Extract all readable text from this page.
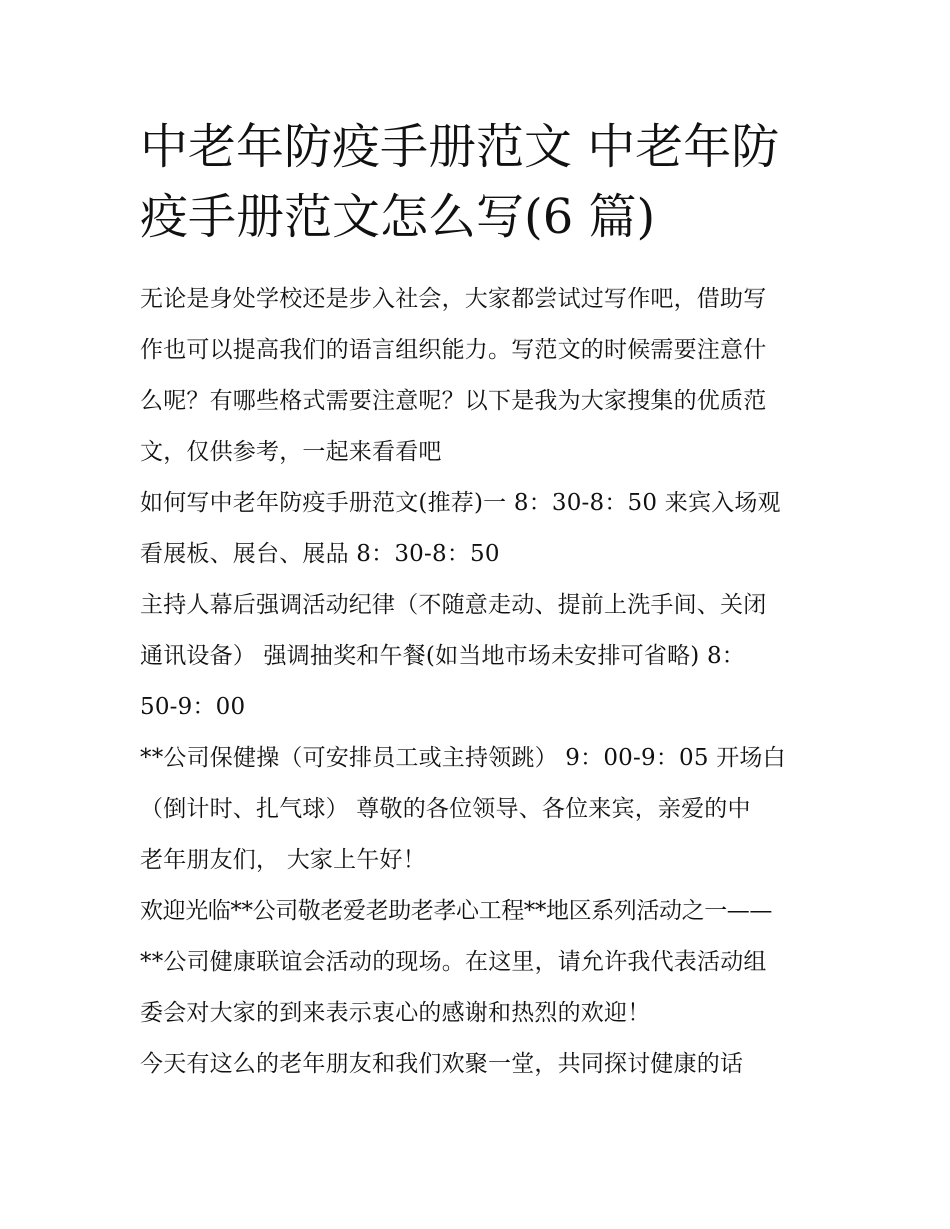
中老年防疫手册范文 中老年防
疫手册范文怎么写(6 篇)
无论是身处学校还是步入社会，大家都尝试过写作吧，借助写
作也可以提高我们的语言组织能力。写范文的时候需要注意什
么呢？有哪些格式需要注意呢？以下是我为大家搜集的优质范
文，仅供参考，一起来看看吧
如何写中老年防疫手册范文(推荐)一 8：30-8：50 来宾入场观
看展板、展台、展品 8：30-8：50
主持人幕后强调活动纪律（不随意走动、提前上洗手间、关闭
通讯设备） 强调抽奖和午餐(如当地市场未安排可省略) 8：
50-9：00
**公司保健操（可安排员工或主持领跳） 9：00-9：05 开场白
（倒计时、扎气球） 尊敬的各位领导、各位来宾，亲爱的中
老年朋友们， 大家上午好！
欢迎光临**公司敬老爱老助老孝心工程**地区系列活动之一——
**公司健康联谊会活动的现场。在这里，请允许我代表活动组
委会对大家的到来表示衷心的感谢和热烈的欢迎！
今天有这么的老年朋友和我们欢聚一堂，共同探讨健康的话
